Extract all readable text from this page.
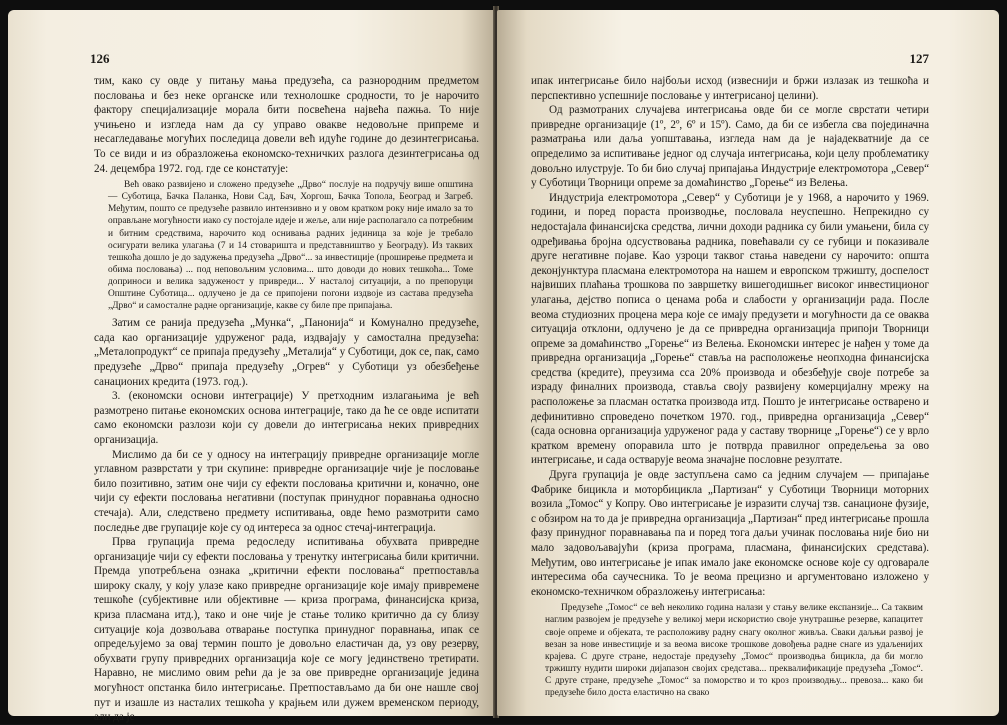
126

тим, како су овде у питању мања предузећа, са разнородним предметом пословања и без неке органске или технолошке сродности, то је нарочито фактору специјализације морала бити посвећена највећа пажња. То није учињено и изгледа нам да су управо овакве недовољне припреме и несагледавање могућих последица довели већ идуће године до дезинтегрисања. То се види и из образложења економско-техничких разлога дезинтегрисања од 24. децембра 1972. год. где се констатује:

Већ овако развијено и сложено предузеће „Дрво“ послује на подручју више општина — Суботица, Бачка Паланка, Нови Сад, Бач, Хоргош, Бачка Топола, Београд и Загреб. Међутим, пошто се предузеће развило интензивно и у овом кратком року није имало за то оправљане могућности иако су постојале идеје и жеље, али није располагало са потребним и битним средствима, нарочито код оснивања радних јединица за које је требало осигурати велика улагања (7 и 14 стоваришта и представништво у Београду). Из таквих тешкоћа дошло је до задужења предузећа „Дрво“... за инвестиције (проширење предмета и обима пословања) ... под неповољним условима... што доводи до нових тешкоћа... Томе доприноси и велика задуженост у привреди... У насталој ситуацији, а по препоруци Општине Суботица... одлучено је да се припојени погони издвоје из састава предузећа „Дрво“ и самосталне радне организације, какве су биле пре припајања.

Затим се ранија предузећа „Мунка“, „Панонија“ и Комунално предузеће, сада као организације удруженог рада, издвајају у самостална предузећа: „Металопродукт“ се припаја предузећу „Металија“ у Суботици, док се, пак, само предузеће „Дрво“ припаја предузећу „Огрев“ у Суботици уз обезбеђење санационих кредита (1973. год.).

3. (економски основи интеграције) У претходним излагањима је већ размотрено питање економских основа интеграције, тако да ће се овде испитати само економски разлози који су довели до интегрисања неких привредних организација.

Мислимо да би се у односу на интеграцију привредне организације могле углавном разврстати у три скупине: привредне организације чије је пословање било позитивно, затим оне чији су ефекти пословања критични и, коначно, оне чији су ефекти пословања негативни (поступак принудног поравнања односно стечаја). Али, следствено предмету испитивања, овде ћемо размотрити само последње две групације које су од интереса за однос стечај-интеграција.

Прва групација према редоследу испитивања обухвата привредне организације чији су ефекти пословања у тренутку интегрисања били критични. Премда употребљена ознака „критични ефекти пословања“ претпоставља широку скалу, у коју улазе како привредне организације које имају привремене тешкоће (субјективне или објективне — криза програма, финансијска криза, криза пласмана итд.), тако и оне чије је стање толико критично да су близу ситуације која дозвољава отварање поступка принудног поравнања, ипак се опредељујемо за овај термин пошто је довољно еластичан да, уз ову резерву, обухвати групу привредних организација које се могу јединствено третирати. Наравно, не мислимо овим рећи да је за ове привредне организације једина могућност опстанка било интегрисање. Претпостављамо да би оне нашле свој пут и изашле из насталих тешкоћа у крајњем или дужем временском периоду, али да је

127

ипак интегрисање било најбољи исход (извеснији и бржи излазак из тешкоћа и перспективно успешније пословање у интегрисаној целини).

Од размотраних случајева интегрисања овде би се могле сврстати четири привредне организације (1º, 2º, 6º и 15º). Само, да би се избегла сва појединачна разматрања или даља уопштавања, изгледа нам да је најадекватније да се определимо за испитивање једног од случаја интегрисања, који целу проблематику довољно илуструје. То би био случај припајања Индустрије електромотора „Север“ у Суботици Творници опреме за домаћинство „Горење“ из Велења.

Индустрија електромотора „Север“ у Суботици је у 1968, а нарочито у 1969. години, и поред пораста производње, пословала неуспешно. Непрекидно су недостајала финансијска средства, лични доходи радника су били умањени, била су одређивања бројна одсуствовања радника, повећавали су се губици и показивале друге негативне појаве. Као узроци таквог стања наведени су нарочито: општа деконјунктура пласмана електромотора на нашем и европском тржишту, доспелост највиших плаћања трошкова по завршетку вишегодишњег високог инвестиционог улагања, дејство пописа о ценама роба и слабости у организацији рада. После веома студиозних процена мера које се имају предузети и могућности да се оваква ситуација отклони, одлучено је да се привредна организација припоји Творници опреме за домаћинство „Горење“ из Велења. Економски интерес је нађен у томе да привредна организација „Горење“ ставља на расположење неопходна финансијска средства (кредите), преузима сса 20% производа и обезбеђује своје потребе за израду финалних производа, ставља своју развијену комерцијалну мрежу на расположење за пласман остатка производа итд. Пошто је интегрисање остварено и дефинитивно спроведено почетком 1970. год., привредна организација „Север“ (сада основна организација удруженог рада у саставу творнице „Горење“) се у врло кратком времену опоравила што је потврда правилног опредељења за ово интегрисање, и сада остварује веома значајне пословне резултате.

Друга групација је овде заступљена само са једним случајем — припајање Фабрике бицикла и моторбицикла „Партизан“ у Суботици Творници моторних возила „Томос“ у Копру. Ово интегрисање је изразити случај тзв. санационе фузије, с обзиром на то да је привредна организација „Партизан“ пред интегрисање прошла фазу принудног поравнавања па и поред тога даљи учинак пословања није био ни мало задовољавајући (криза програма, пласмана, финансијских средстава). Међутим, ово интегрисање је ипак имало јаке економске основе које су одговарале интересима оба саучесника. То је веома прецизно и аргументовано изложено у економско-техничком образложењу интегрисања:

Предузеће „Томос“ се већ неколико година налази у стању велике експанзије... Са таквим нaглим развојем је предузеће у великој мери искористио своје унутрашње резерве, капацитет своје опреме и објеката, те расположиву радну снагу околног живља. Сваки даљњи развој је везан за нове инвестиције и за веома високе трошкове довођења радне снаге из удаљенијих крајева. С друге стране, недостаје предузећу „Томос“ производња бицикла, да би могло тржишту нудити широки дијапазон својих средстава... преквалификације предузећа „Томос“. С друге стране, предузеће „Томос“ за поморство и то кроз производњу... превоза... како би предузеће било доста еластично на свако
